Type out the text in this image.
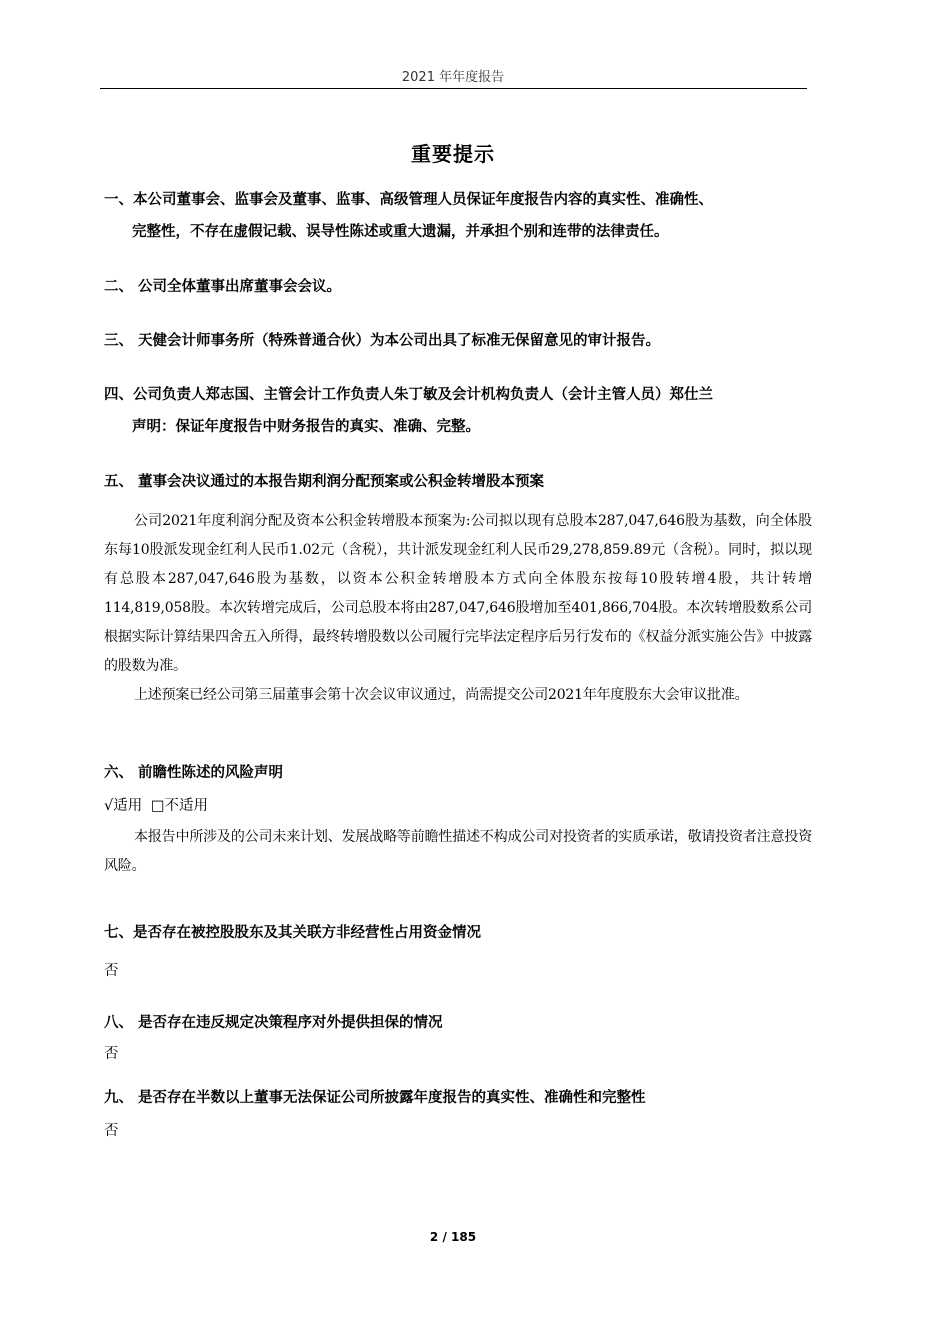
2021 年年度报告
重要提示
一、本公司董事会、监事会及董事、监事、高级管理人员保证年度报告内容的真实性、准确性、
完整性，不存在虚假记载、误导性陈述或重大遗漏，并承担个别和连带的法律责任。
二、 公司全体董事出席董事会会议。
三、 天健会计师事务所（特殊普通合伙）为本公司出具了标准无保留意见的审计报告。
四、公司负责人郑志国、主管会计工作负责人朱丁敏及会计机构负责人（会计主管人员）郑仕兰
声明：保证年度报告中财务报告的真实、准确、完整。
五、 董事会决议通过的本报告期利润分配预案或公积金转增股本预案
公司2021年度利润分配及资本公积金转增股本预案为:公司拟以现有总股本287,047,646股为基数，向全体股东每10股派发现金红利人民币1.02元（含税），共计派发现金红利人民币29,278,859.89元（含税）。同时，拟以现有总股本287,047,646股为基数，以资本公积金转增股本方式向全体股东按每10股转增4股，共计转增114,819,058股。本次转增完成后，公司总股本将由287,047,646股增加至401,866,704股。本次转增股数系公司根据实际计算结果四舍五入所得，最终转增股数以公司履行完毕法定程序后另行发布的《权益分派实施公告》中披露的股数为准。
上述预案已经公司第三届董事会第十次会议审议通过，尚需提交公司2021年年度股东大会审议批准。
六、 前瞻性陈述的风险声明
√适用 □不适用
本报告中所涉及的公司未来计划、发展战略等前瞻性描述不构成公司对投资者的实质承诺，敬请投资者注意投资风险。
七、是否存在被控股股东及其关联方非经营性占用资金情况
否
八、 是否存在违反规定决策程序对外提供担保的情况
否
九、 是否存在半数以上董事无法保证公司所披露年度报告的真实性、准确性和完整性
否
2 / 185
